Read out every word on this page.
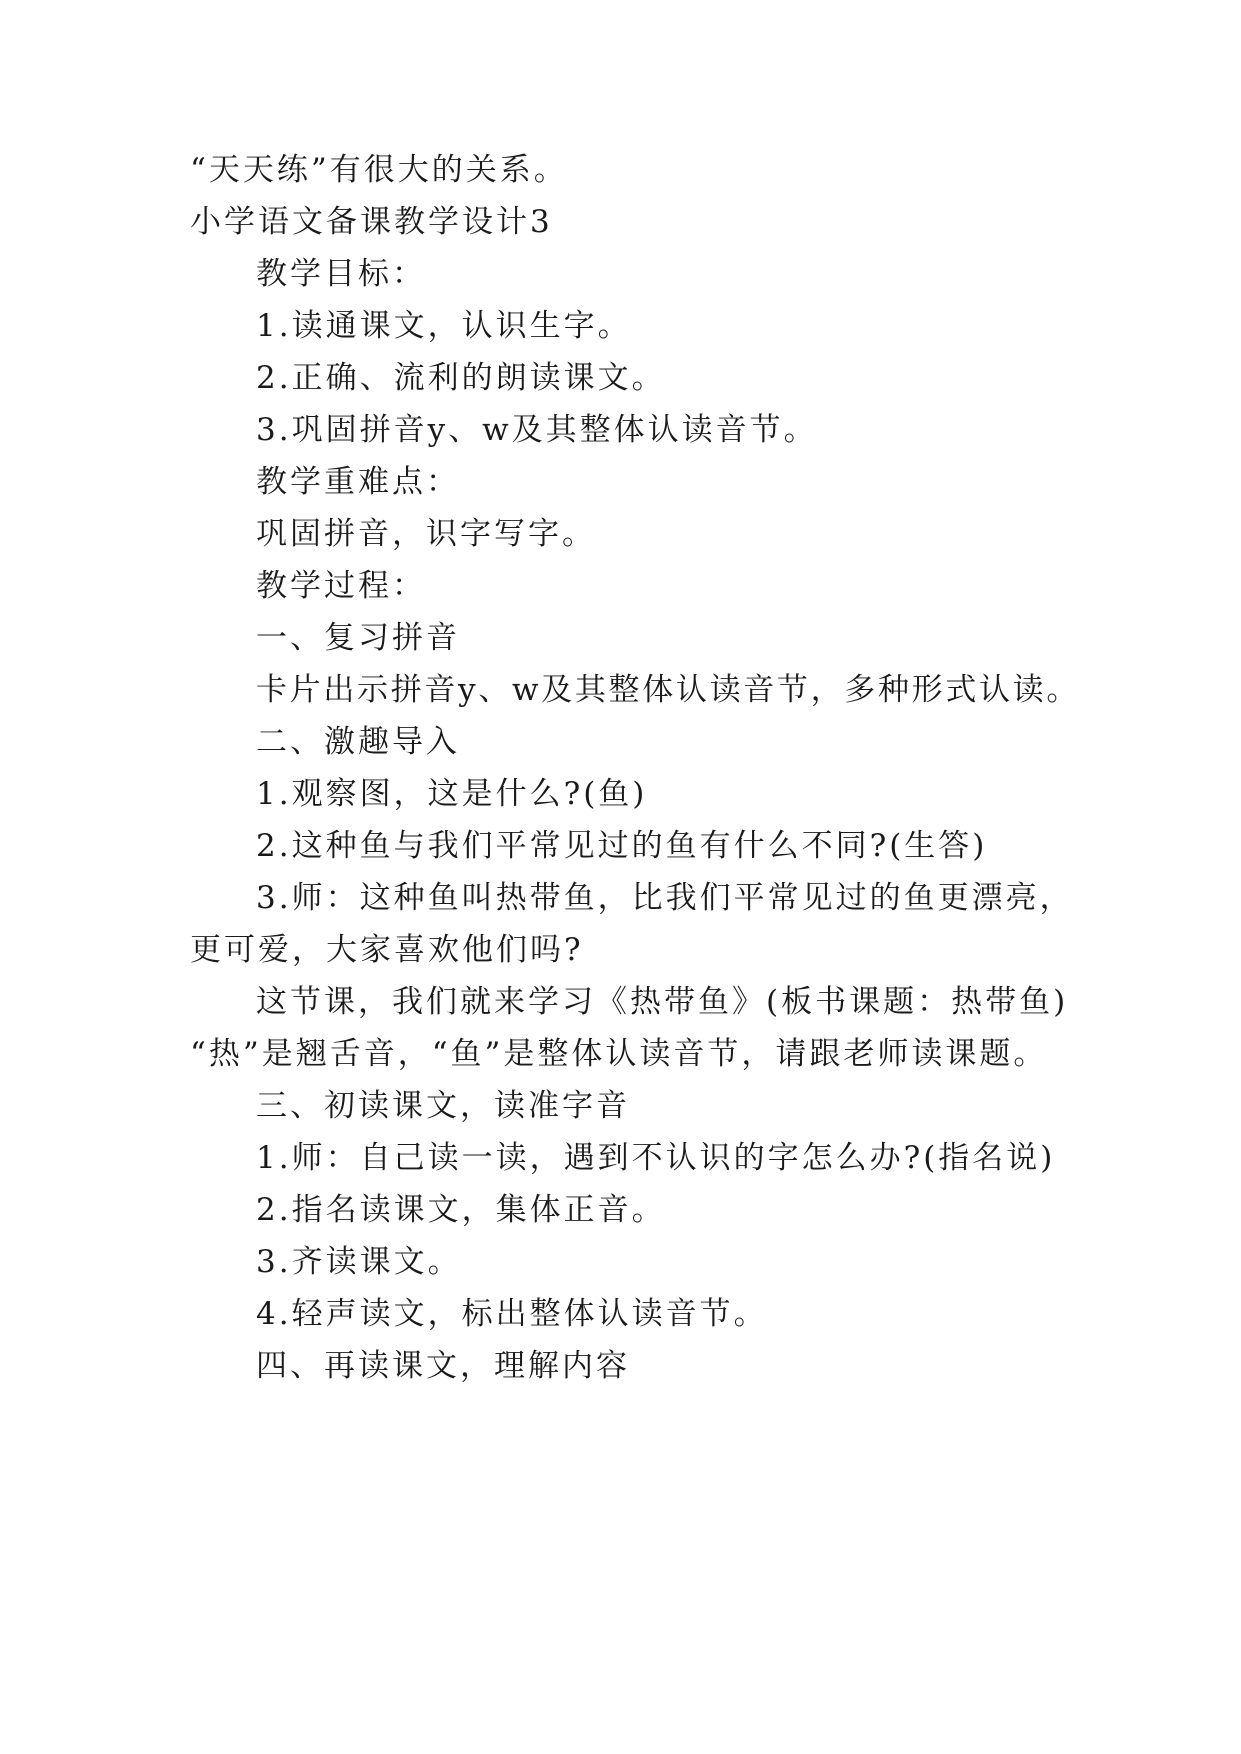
“天天练”有很大的关系。
小学语文备课教学设计3
教学目标：
1.读通课文，认识生字。
2.正确、流利的朗读课文。
3.巩固拼音y、w及其整体认读音节。
教学重难点：
巩固拼音，识字写字。
教学过程：
一、复习拼音
卡片出示拼音y、w及其整体认读音节，多种形式认读。
二、激趣导入
1.观察图，这是什么?(鱼)
2.这种鱼与我们平常见过的鱼有什么不同?(生答)
3.师：这种鱼叫热带鱼，比我们平常见过的鱼更漂亮，
更可爱，大家喜欢他们吗?
这节课，我们就来学习《热带鱼》(板书课题：热带鱼)
“热”是翘舌音，“鱼”是整体认读音节，请跟老师读课题。
三、初读课文，读准字音
1.师：自己读一读，遇到不认识的字怎么办?(指名说)
2.指名读课文，集体正音。
3.齐读课文。
4.轻声读文，标出整体认读音节。
四、再读课文，理解内容
